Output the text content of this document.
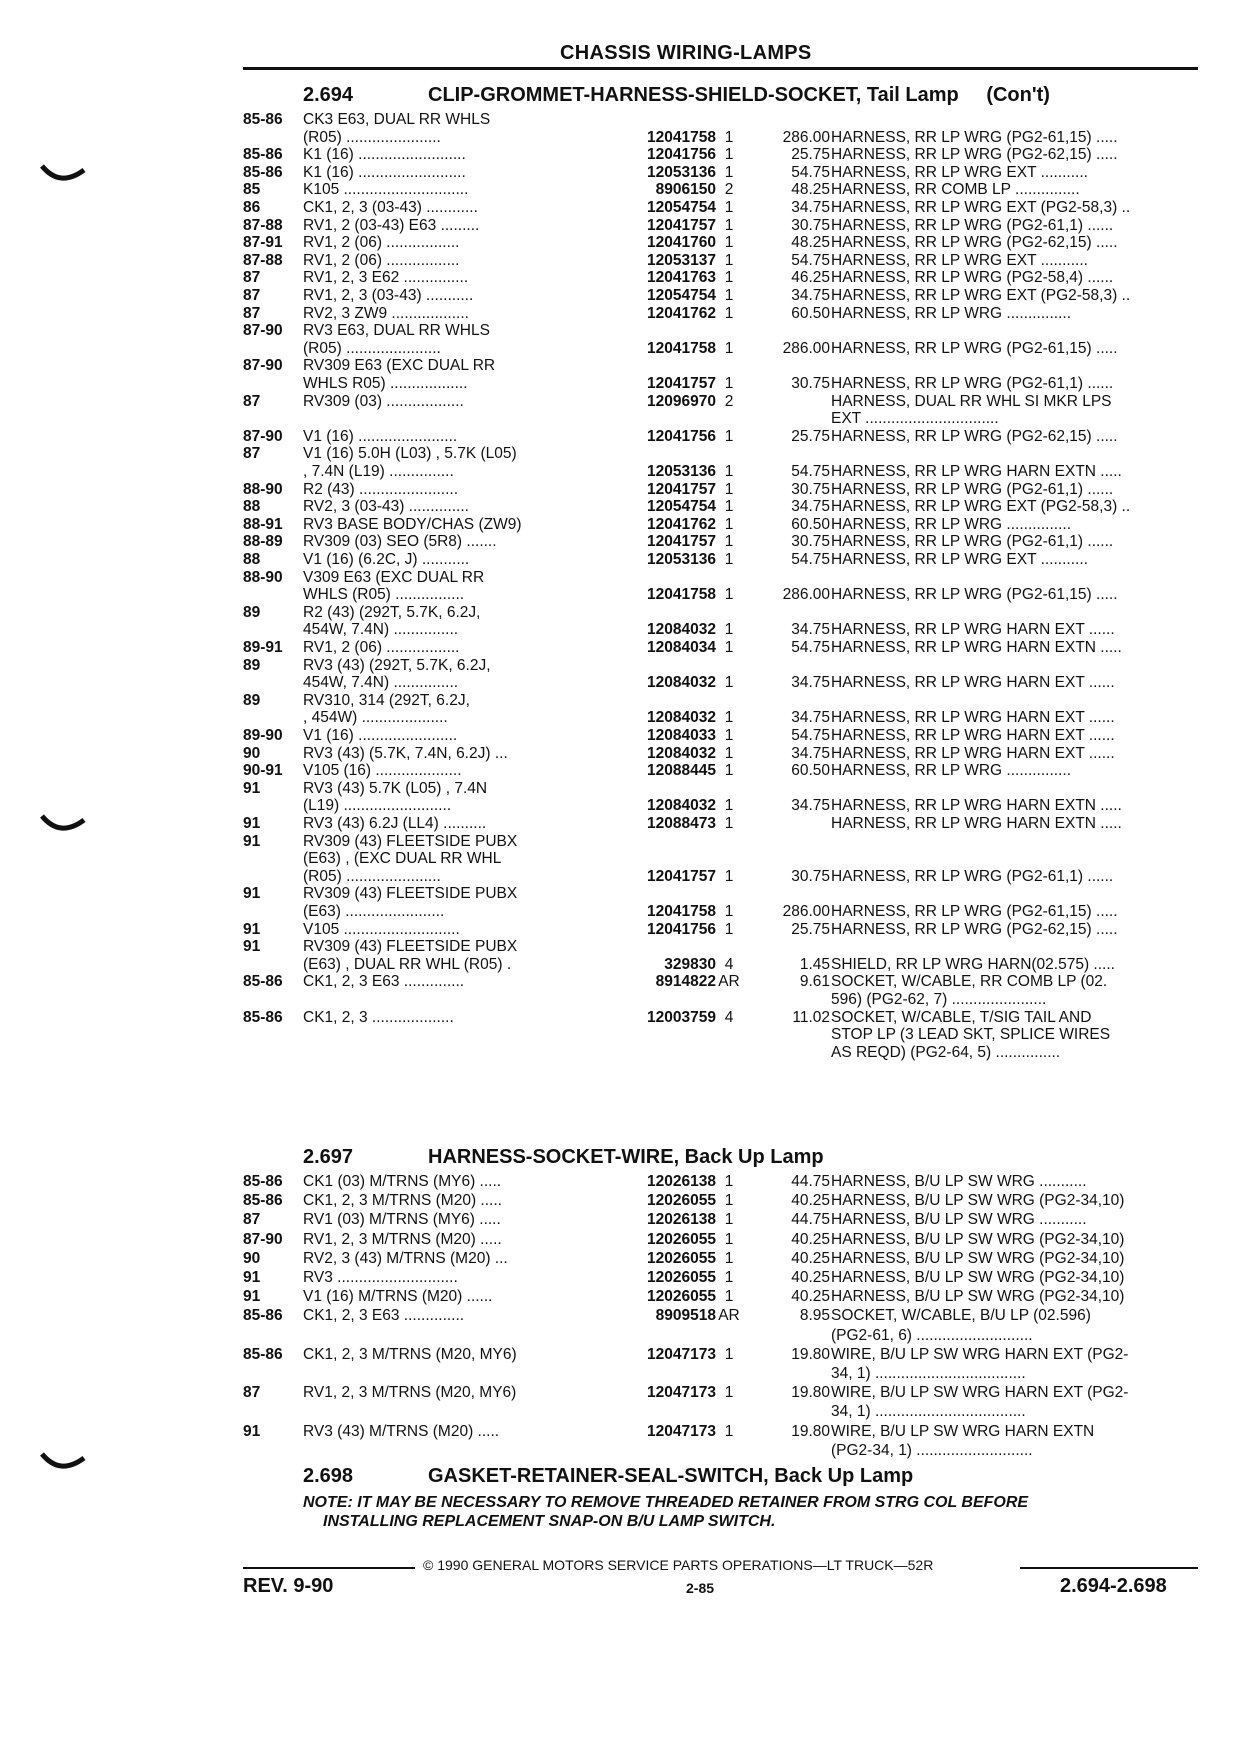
CHASSIS WIRING-LAMPS
2.694	CLIP-GROMMET-HARNESS-SHIELD-SOCKET, Tail Lamp (Con't)
85-86	CK3 E63, DUAL RR WHLS
(R05) ......................	12041758 1	286.00 HARNESS, RR LP WRG (PG2-61,15) .....
85-86	K1 (16) .........................	12041756 1	25.75 HARNESS, RR LP WRG (PG2-62,15) .....
85-86	K1 (16) .........................	12053136 1	54.75 HARNESS, RR LP WRG EXT ...........
85	K105 .............................	8906150 2	48.25 HARNESS, RR COMB LP ...............
86	CK1, 2, 3 (03-43) ............	12054754 1	34.75 HARNESS, RR LP WRG EXT (PG2-58,3) ..
87-88	RV1, 2 (03-43) E63 .........	12041757 1	30.75 HARNESS, RR LP WRG (PG2-61,1) ......
87-91	RV1, 2 (06) .................	12041760 1	48.25 HARNESS, RR LP WRG (PG2-62,15) .....
87-88	RV1, 2 (06) .................	12053137 1	54.75 HARNESS, RR LP WRG EXT ...........
87	RV1, 2, 3 E62 ...............	12041763 1	46.25 HARNESS, RR LP WRG (PG2-58,4) ......
87	RV1, 2, 3 (03-43) ...........	12054754 1	34.75 HARNESS, RR LP WRG EXT (PG2-58,3) ..
87	RV2, 3 ZW9 ..................	12041762 1	60.50 HARNESS, RR LP WRG ...............
87-90	RV3 E63, DUAL RR WHLS
(R05) ......................	12041758 1	286.00 HARNESS, RR LP WRG (PG2-61,15) .....
87-90	RV309 E63 (EXC DUAL RR
WHLS R05) ..................	12041757 1	30.75 HARNESS, RR LP WRG (PG2-61,1) ......
87	RV309 (03) ..................	12096970 2	HARNESS, DUAL RR WHL SI MKR LPS
EXT ...............................
87-90	V1 (16) .......................	12041756 1	25.75 HARNESS, RR LP WRG (PG2-62,15) .....
87	V1 (16) 5.0H (L03) , 5.7K (L05)
, 7.4N (L19) ...............	12053136 1	54.75 HARNESS, RR LP WRG HARN EXTN .....
88-90	R2 (43) .......................	12041757 1	30.75 HARNESS, RR LP WRG (PG2-61,1) ......
88	RV2, 3 (03-43) ..............	12054754 1	34.75 HARNESS, RR LP WRG EXT (PG2-58,3) ..
88-91	RV3 BASE BODY/CHAS (ZW9)	12041762 1	60.50 HARNESS, RR LP WRG ...............
88-89	RV309 (03) SEO (5R8) .......	12041757 1	30.75 HARNESS, RR LP WRG (PG2-61,1) ......
88	V1 (16) (6.2C, J) ...........	12053136 1	54.75 HARNESS, RR LP WRG EXT ...........
88-90	V309 E63 (EXC DUAL RR
WHLS (R05) ................	12041758 1	286.00 HARNESS, RR LP WRG (PG2-61,15) .....
89	R2 (43) (292T, 5.7K, 6.2J,
454W, 7.4N) ...............	12084032 1	34.75 HARNESS, RR LP WRG HARN EXT ......
89-91	RV1, 2 (06) .................	12084034 1	54.75 HARNESS, RR LP WRG HARN EXTN .....
89	RV3 (43) (292T, 5.7K, 6.2J,
454W, 7.4N) ...............	12084032 1	34.75 HARNESS, RR LP WRG HARN EXT ......
89	RV310, 314 (292T, 6.2J,
, 454W) ....................	12084032 1	34.75 HARNESS, RR LP WRG HARN EXT ......
89-90	V1 (16) .......................	12084033 1	54.75 HARNESS, RR LP WRG HARN EXT ......
90	RV3 (43) (5.7K, 7.4N, 6.2J) ...	12084032 1	34.75 HARNESS, RR LP WRG HARN EXT ......
90-91	V105 (16) ....................	12088445 1	60.50 HARNESS, RR LP WRG ...............
91	RV3 (43) 5.7K (L05) , 7.4N
(L19) .........................	12084032 1	34.75 HARNESS, RR LP WRG HARN EXTN .....
91	RV3 (43) 6.2J (LL4) ..........	12088473 1	HARNESS, RR LP WRG HARN EXTN .....
91	RV309 (43) FLEETSIDE PUBX
(E63) , (EXC DUAL RR WHL
(R05) ......................	12041757 1	30.75 HARNESS, RR LP WRG (PG2-61,1) ......
91	RV309 (43) FLEETSIDE PUBX
(E63) .......................	12041758 1	286.00 HARNESS, RR LP WRG (PG2-61,15) .....
91	V105 ...........................	12041756 1	25.75 HARNESS, RR LP WRG (PG2-62,15) .....
91	RV309 (43) FLEETSIDE PUBX
(E63) , DUAL RR WHL (R05) .	329830 4	1.45 SHIELD, RR LP WRG HARN(02.575) .....
85-86	CK1, 2, 3 E63 ..............	8914822 AR	9.61 SOCKET, W/CABLE, RR COMB LP (02.
596) (PG2-62, 7) ......................
85-86	CK1, 2, 3 ...................	12003759 4	11.02 SOCKET, W/CABLE, T/SIG TAIL AND
STOP LP (3 LEAD SKT, SPLICE WIRES
AS REQD) (PG2-64, 5) ...............
2.697	HARNESS-SOCKET-WIRE, Back Up Lamp
85-86	CK1 (03) M/TRNS (MY6) .....	12026138 1	44.75 HARNESS, B/U LP SW WRG ...........
85-86	CK1, 2, 3 M/TRNS (M20) .....	12026055 1	40.25 HARNESS, B/U LP SW WRG (PG2-34,10)
87	RV1 (03) M/TRNS (MY6) .....	12026138 1	44.75 HARNESS, B/U LP SW WRG ...........
87-90	RV1, 2, 3 M/TRNS (M20) .....	12026055 1	40.25 HARNESS, B/U LP SW WRG (PG2-34,10)
90	RV2, 3 (43) M/TRNS (M20) ...	12026055 1	40.25 HARNESS, B/U LP SW WRG (PG2-34,10)
91	RV3 ............................	12026055 1	40.25 HARNESS, B/U LP SW WRG (PG2-34,10)
91	V1 (16) M/TRNS (M20) ......	12026055 1	40.25 HARNESS, B/U LP SW WRG (PG2-34,10)
85-86	CK1, 2, 3 E63 ..............	8909518 AR	8.95 SOCKET, W/CABLE, B/U LP (02.596)
(PG2-61, 6) ...........................
85-86	CK1, 2, 3 M/TRNS (M20, MY6)	12047173 1	19.80 WIRE, B/U LP SW WRG HARN EXT (PG2-
34, 1) ...................................
87	RV1, 2, 3 M/TRNS (M20, MY6)	12047173 1	19.80 WIRE, B/U LP SW WRG HARN EXT (PG2-
34, 1) ...................................
91	RV3 (43) M/TRNS (M20) .....	12047173 1	19.80 WIRE, B/U LP SW WRG HARN EXTN
(PG2-34, 1) ...........................
2.698	GASKET-RETAINER-SEAL-SWITCH, Back Up Lamp
NOTE: IT MAY BE NECESSARY TO REMOVE THREADED RETAINER FROM STRG COL BEFORE
INSTALLING REPLACEMENT SNAP-ON B/U LAMP SWITCH.
© 1990 GENERAL MOTORS SERVICE PARTS OPERATIONS—LT TRUCK—52R
REV. 9-90	2-85	2.694-2.698
